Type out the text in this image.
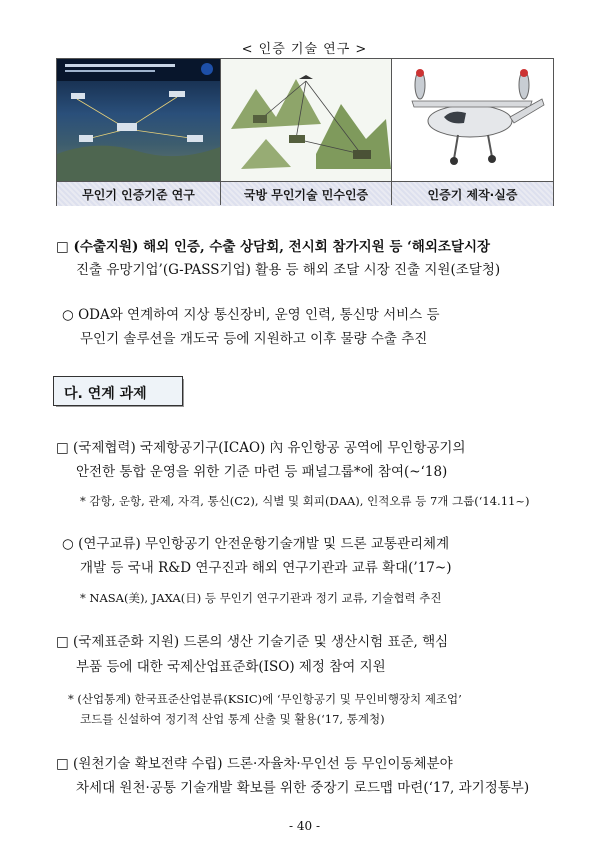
< 인증 기술 연구 >
무인기 인증기준 연구	국방 무인기술 민수인증	인증기 제작·실증
□ (수출지원) 해외 인증, 수출 상담회, 전시회 참가지원 등 ‘해외조달시장
진출 유망기업’(G-PASS기업) 활용 등 해외 조달 시장 진출 지원(조달청)
○ ODA와 연계하여 지상 통신장비, 운영 인력, 통신망 서비스 등
무인기 솔루션을 개도국 등에 지원하고 이후 물량 수출 추진
다. 연계 과제
□ (국제협력) 국제항공기구(ICAO) 內 유인항공 공역에 무인항공기의
안전한 통합 운영을 위한 기준 마련 등 패널그룹*에 참여(~‘18)
* 감항, 운항, 관제, 자격, 통신(C2), 식별 및 회피(DAA), 인적오류 등 7개 그룹(‘14.11~)
○ (연구교류) 무인항공기 안전운항기술개발 및 드론 교통관리체계
개발 등 국내 R&D 연구진과 해외 연구기관과 교류 확대(’17~)
* NASA(美), JAXA(日) 등 무인기 연구기관과 정기 교류, 기술협력 추진
□ (국제표준화 지원) 드론의 생산 기술기준 및 생산시험 표준, 핵심
부품 등에 대한 국제산업표준화(ISO) 제정 참여 지원
* (산업통계) 한국표준산업분류(KSIC)에 ‘무인항공기 및 무인비행장치 제조업’
코드를 신설하여 정기적 산업 통계 산출 및 활용(‘17, 통계청)
□ (원천기술 확보전략 수립) 드론·자율차·무인선 등 무인이동체분야
차세대 원천·공통 기술개발 확보를 위한 중장기 로드맵 마련(‘17, 과기정통부)
- 40 -
